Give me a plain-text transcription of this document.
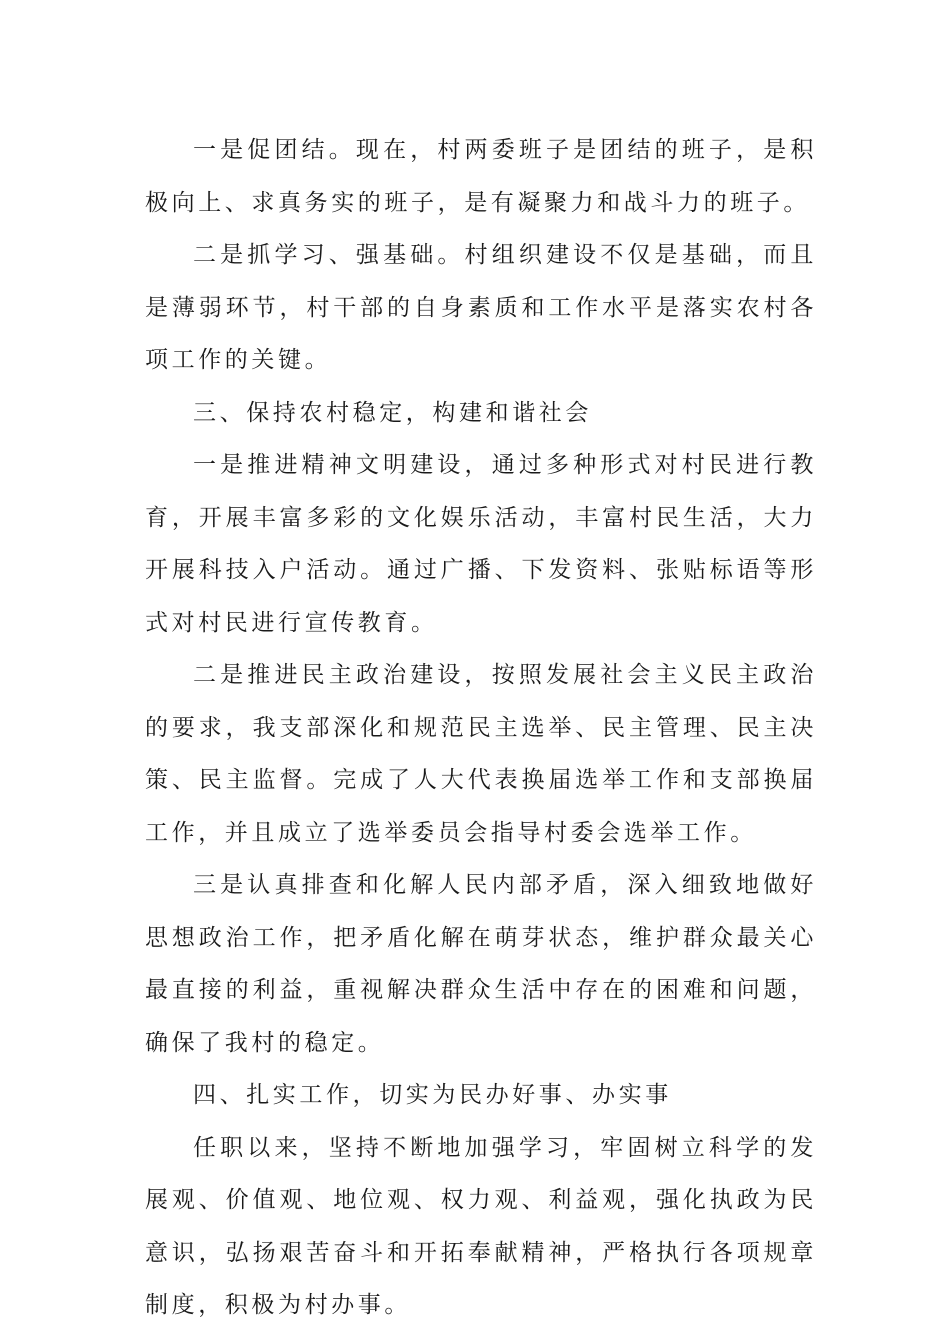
一是促团结。现在，村两委班子是团结的班子，是积极向上、求真务实的班子，是有凝聚力和战斗力的班子。

二是抓学习、强基础。村组织建设不仅是基础，而且是薄弱环节，村干部的自身素质和工作水平是落实农村各项工作的关键。

三、保持农村稳定，构建和谐社会

一是推进精神文明建设，通过多种形式对村民进行教育，开展丰富多彩的文化娱乐活动，丰富村民生活，大力开展科技入户活动。通过广播、下发资料、张贴标语等形式对村民进行宣传教育。

二是推进民主政治建设，按照发展社会主义民主政治的要求，我支部深化和规范民主选举、民主管理、民主决策、民主监督。完成了人大代表换届选举工作和支部换届工作，并且成立了选举委员会指导村委会选举工作。

三是认真排查和化解人民内部矛盾，深入细致地做好思想政治工作，把矛盾化解在萌芽状态，维护群众最关心最直接的利益，重视解决群众生活中存在的困难和问题，确保了我村的稳定。

四、扎实工作，切实为民办好事、办实事

任职以来，坚持不断地加强学习，牢固树立科学的发展观、价值观、地位观、权力观、利益观，强化执政为民意识，弘扬艰苦奋斗和开拓奉献精神，严格执行各项规章制度，积极为村办事。
